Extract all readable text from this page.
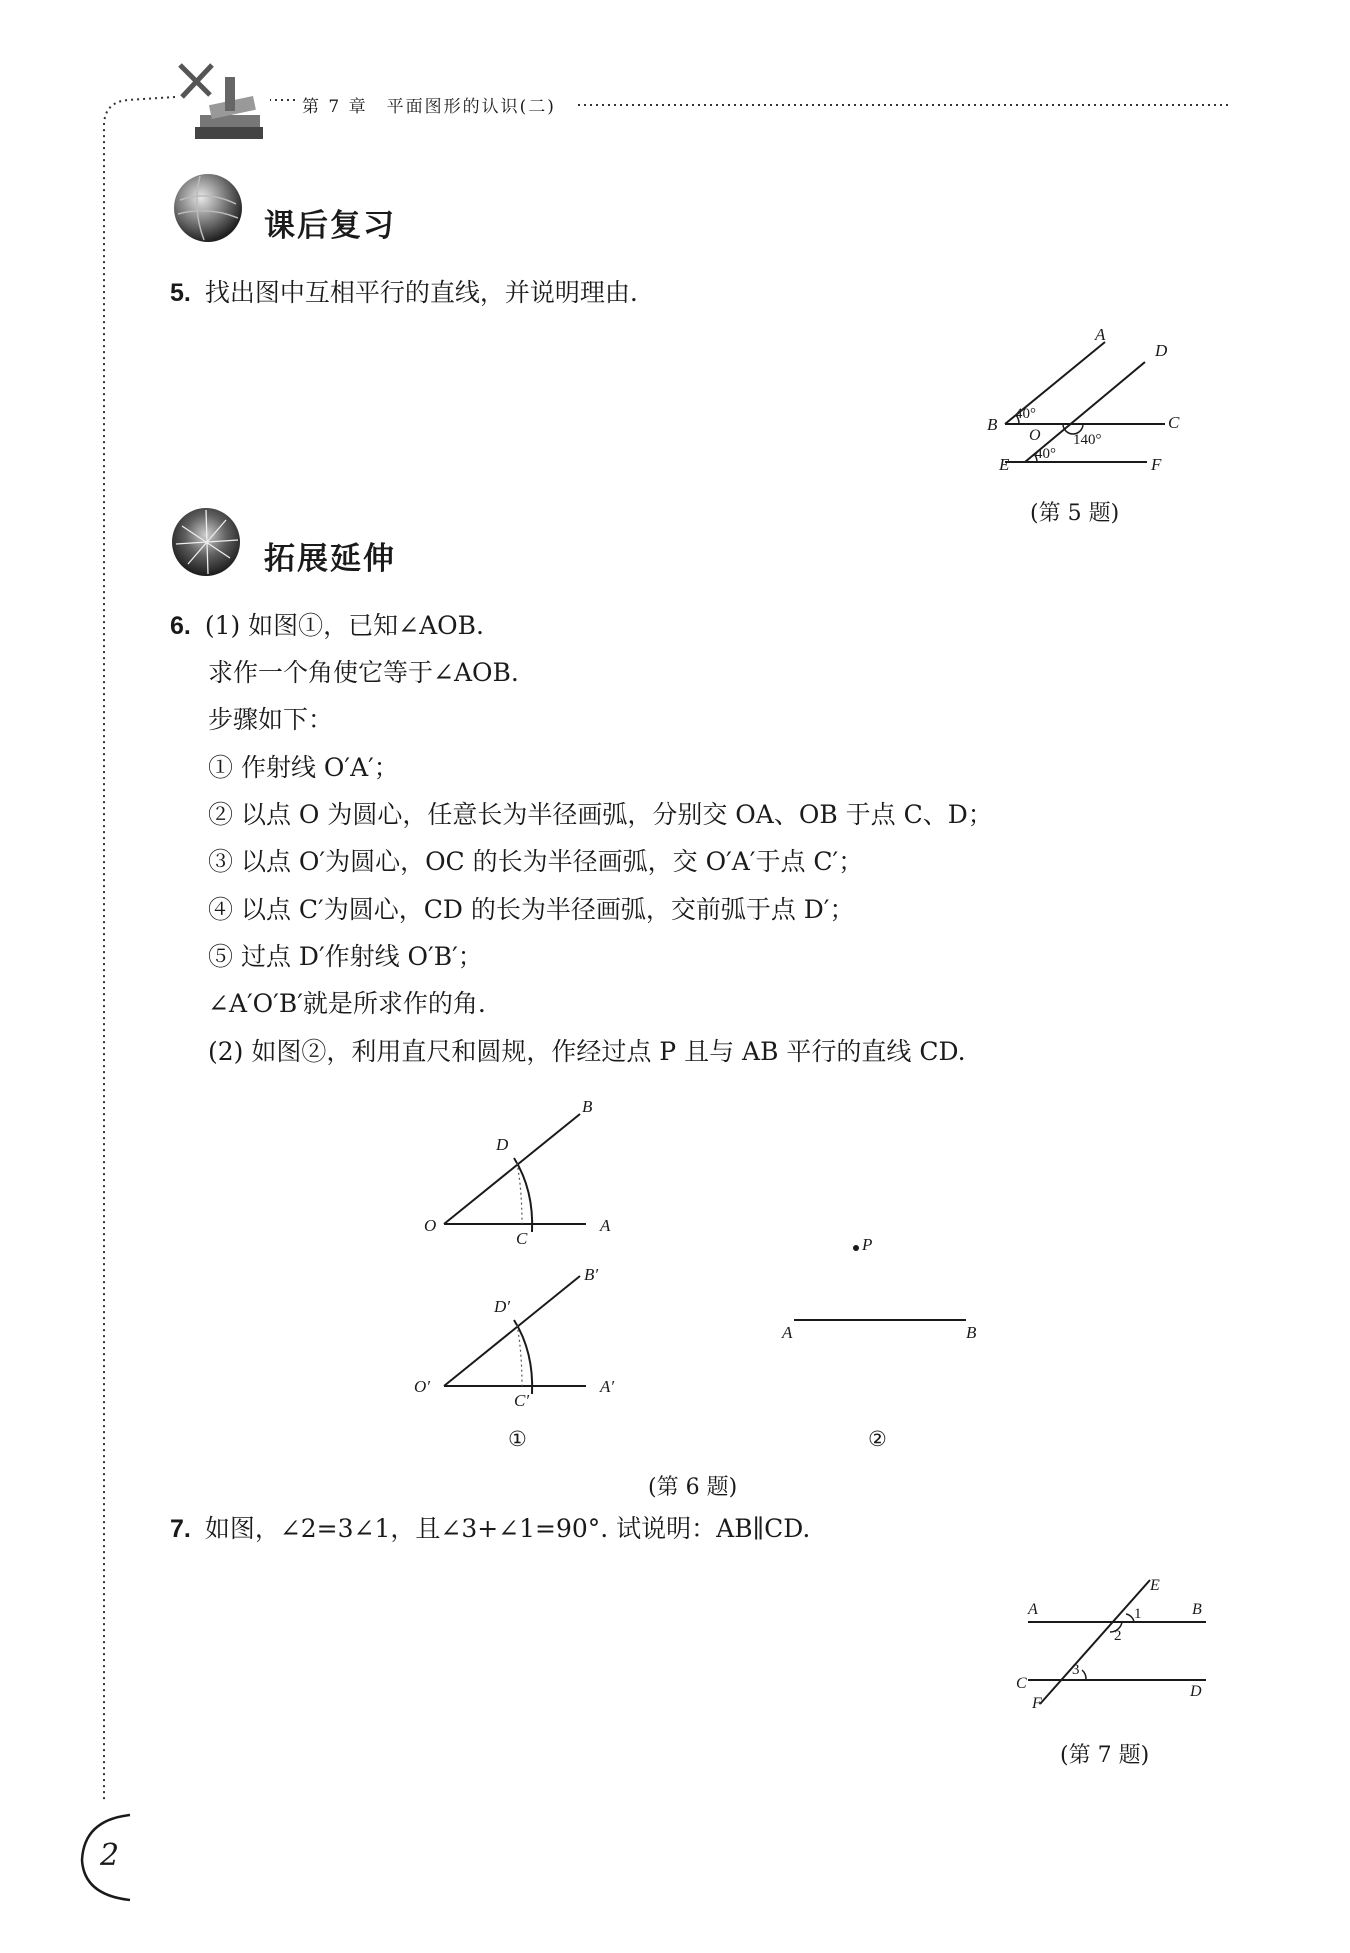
第 7 章　平面图形的认识(二)
课后复习
5. 找出图中互相平行的直线，并说明理由.
A
D
B
40°	C
O 140°
40°
E	F
(第 5 题)
拓展延伸
6. (1) 如图①，已知∠AOB.
求作一个角使它等于∠AOB.
步骤如下：
① 作射线 O′A′；
② 以点 O 为圆心，任意长为半径画弧，分别交 OA、OB 于点 C、D；
③ 以点 O′为圆心，OC 的长为半径画弧，交 O′A′于点 C′；
④ 以点 C′为圆心，CD 的长为半径画弧，交前弧于点 D′；
⑤ 过点 D′作射线 O′B′；
∠A′O′B′就是所求作的角.
(2) 如图②，利用直尺和圆规，作经过点 P 且与 AB 平行的直线 CD.
B
D
O
C
A
B′
D′
O′
C′
A′
①
P
A	B
②
(第 6 题)
7. 如图，∠2=3∠1，且∠3+∠1=90°. 试说明：AB∥CD.
E
A	B
1
2
3
C	D
F
(第 7 题)
2
